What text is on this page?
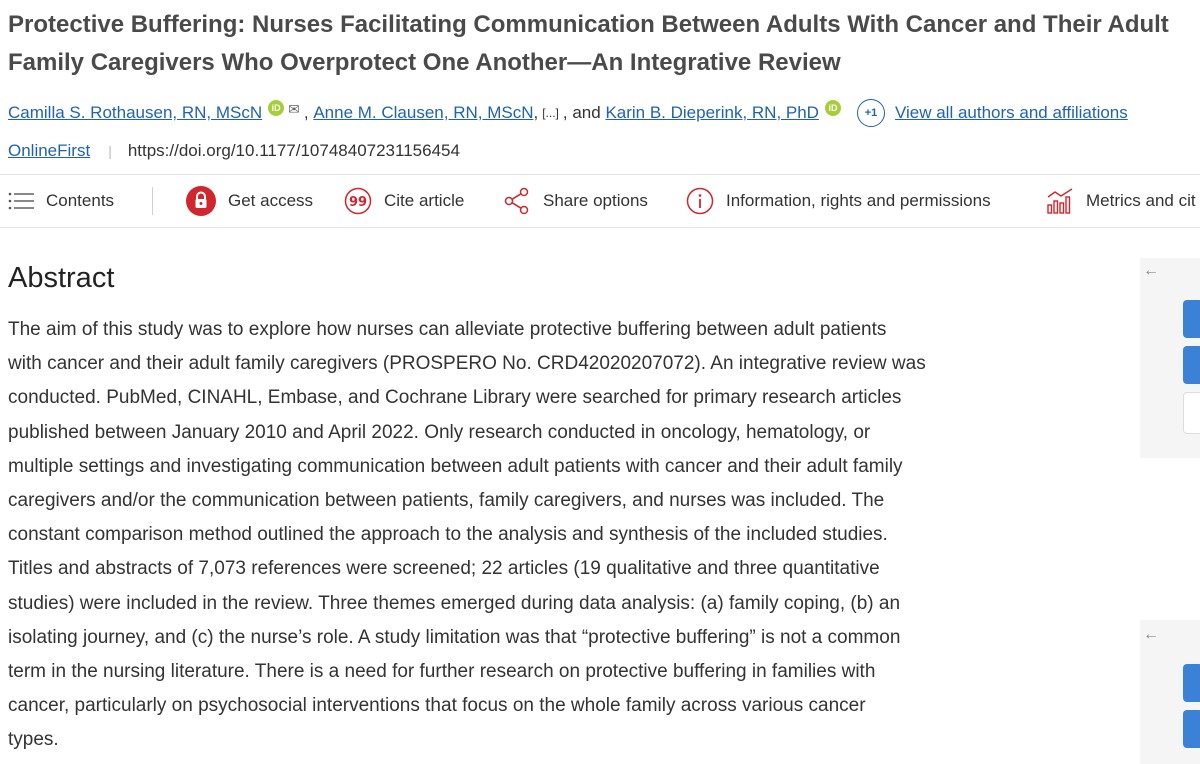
Protective Buffering: Nurses Facilitating Communication Between Adults With Cancer and Their Adult
Family Caregivers Who Overprotect One Another—An Integrative Review
Camilla S. Rothausen, RN, MScN	iD ✉ ,
Anne M. Clausen, RN, MScN , [...] , and
Karin B. Dieperink, RN, PhD	iD	+1	View all authors and affiliations
OnlineFirst | https://doi.org/10.1177/10748407231156454
Contents	Get access	99 Cite article	Share options	Information, rights and permissions	Metrics and cit
Abstract

The aim of this study was to explore how nurses can alleviate protective buffering between adult patients
with cancer and their adult family caregivers (PROSPERO No. CRD42020207072). An integrative review was
conducted. PubMed, CINAHL, Embase, and Cochrane Library were searched for primary research articles
published between January 2010 and April 2022. Only research conducted in oncology, hematology, or
multiple settings and investigating communication between adult patients with cancer and their adult family
caregivers and/or the communication between patients, family caregivers, and nurses was included. The
constant comparison method outlined the approach to the analysis and synthesis of the included studies.
Titles and abstracts of 7,073 references were screened; 22 articles (19 qualitative and three quantitative
studies) were included in the review. Three themes emerged during data analysis: (a) family coping, (b) an
isolating journey, and (c) the nurse’s role. A study limitation was that “protective buffering” is not a common
term in the nursing literature. There is a need for further research on protective buffering in families with
cancer, particularly on psychosocial interventions that focus on the whole family across various cancer
types.

←
←
